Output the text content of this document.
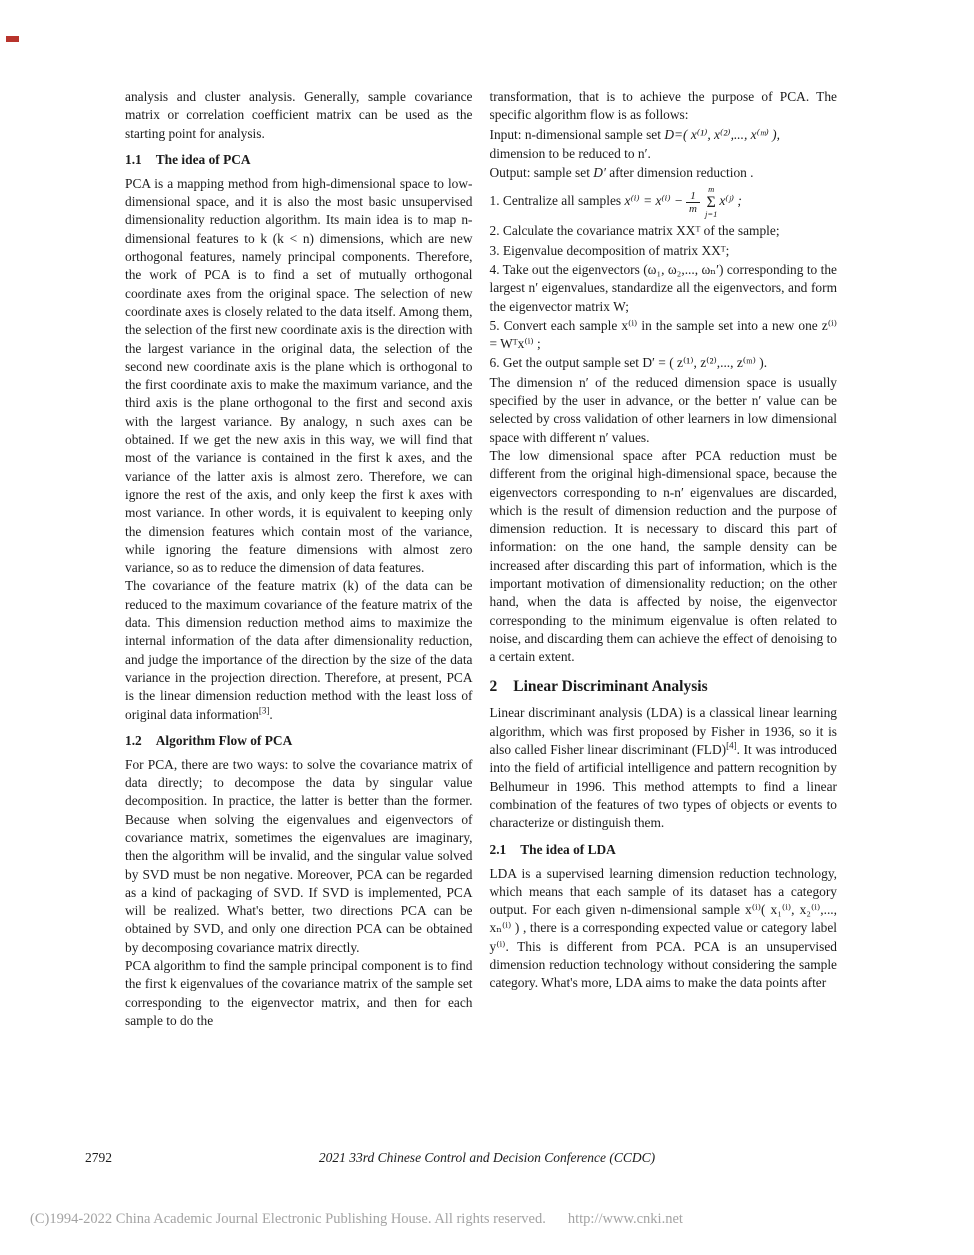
analysis and cluster analysis. Generally, sample covariance matrix or correlation coefficient matrix can be used as the starting point for analysis.

1.1 The idea of PCA

PCA is a mapping method from high-dimensional space to low-dimensional space, and it is also the most basic unsupervised dimensionality reduction algorithm. Its main idea is to map n-dimensional features to k (k < n) dimensions, which are new orthogonal features, namely principal components. Therefore, the work of PCA is to find a set of mutually orthogonal coordinate axes from the original space. The selection of new coordinate axes is closely related to the data itself. Among them, the selection of the first new coordinate axis is the direction with the largest variance in the original data, the selection of the second new coordinate axis is the plane which is orthogonal to the first coordinate axis to make the maximum variance, and the third axis is the plane orthogonal to the first and second axis with the largest variance. By analogy, n such axes can be obtained. If we get the new axis in this way, we will find that most of the variance is contained in the first k axes, and the variance of the latter axis is almost zero. Therefore, we can ignore the rest of the axis, and only keep the first k axes with most variance. In other words, it is equivalent to keeping only the dimension features which contain most of the variance, while ignoring the feature dimensions with almost zero variance, so as to reduce the dimension of data features.

The covariance of the feature matrix (k) of the data can be reduced to the maximum covariance of the feature matrix of the data. This dimension reduction method aims to maximize the internal information of the data after dimensionality reduction, and judge the importance of the direction by the size of the data variance in the projection direction. Therefore, at present, PCA is the linear dimension reduction method with the least loss of original data information[3].

1.2 Algorithm Flow of PCA

For PCA, there are two ways: to solve the covariance matrix of data directly; to decompose the data by singular value decomposition. In practice, the latter is better than the former. Because when solving the eigenvalues and eigenvectors of covariance matrix, sometimes the eigenvalues are imaginary, then the algorithm will be invalid, and the singular value solved by SVD must be non negative. Moreover, PCA can be regarded as a kind of packaging of SVD. If SVD is implemented, PCA will be realized. What's better, two directions PCA can be obtained by SVD, and only one direction PCA can be obtained by decomposing covariance matrix directly.

PCA algorithm to find the sample principal component is to find the first k eigenvalues of the covariance matrix of the sample set corresponding to the eigenvector matrix, and then for each sample to do the

transformation, that is to achieve the purpose of PCA. The specific algorithm flow is as follows:

Input: n-dimensional sample set D=( x⁽¹⁾, x⁽²⁾,..., x⁽ᵐ⁾ ),

dimension to be reduced to n′.

Output: sample set D′ after dimension reduction .

1. Centralize all samples $x^{(i)} = x^{(i)} - \frac{1}{m}$
m
Σ
j=1
x⁽ʲ⁾ ;

2. Calculate the covariance matrix XXᵀ of the sample;

3. Eigenvalue decomposition of matrix XXᵀ;

4. Take out the eigenvectors (ω₁, ω₂,..., ωₙ′) corresponding to the largest n′ eigenvalues, standardize all the eigenvectors, and form the eigenvector matrix W;

5. Convert each sample x⁽ⁱ⁾ in the sample set into a new one z⁽ⁱ⁾ = Wᵀx⁽ⁱ⁾ ;

6. Get the output sample set D′ = ( z⁽¹⁾, z⁽²⁾,..., z⁽ᵐ⁾ ).

The dimension n′ of the reduced dimension space is usually specified by the user in advance, or the better n′ value can be selected by cross validation of other learners in low dimensional space with different n′ values.

The low dimensional space after PCA reduction must be different from the original high-dimensional space, because the eigenvectors corresponding to n-n′ eigenvalues are discarded, which is the result of dimension reduction and the purpose of dimension reduction. It is necessary to discard this part of information: on the one hand, the sample density can be increased after discarding this part of information, which is the important motivation of dimensionality reduction; on the other hand, when the data is affected by noise, the eigenvector corresponding to the minimum eigenvalue is often related to noise, and discarding them can achieve the effect of denoising to a certain extent.

2 Linear Discriminant Analysis

Linear discriminant analysis (LDA) is a classical linear learning algorithm, which was first proposed by Fisher in 1936, so it is also called Fisher linear discriminant (FLD)[4]. It was introduced into the field of artificial intelligence and pattern recognition by Belhumeur in 1996. This method attempts to find a linear combination of the features of two types of objects or events to characterize or distinguish them.

2.1 The idea of LDA

LDA is a supervised learning dimension reduction technology, which means that each sample of its dataset has a category output. For each given n-dimensional sample x⁽ⁱ⁾( x₁⁽ⁱ⁾, x₂⁽ⁱ⁾,..., xₙ⁽ⁱ⁾ ) , there is a corresponding expected value or category label y⁽ⁱ⁾. This is different from PCA. PCA is an unsupervised dimension reduction technology without considering the sample category. What's more, LDA aims to make the data points after

2792	2021 33rd Chinese Control and Decision Conference (CCDC)
(C)1994-2022 China Academic Journal Electronic Publishing House. All rights reserved. http://www.cnki.net
